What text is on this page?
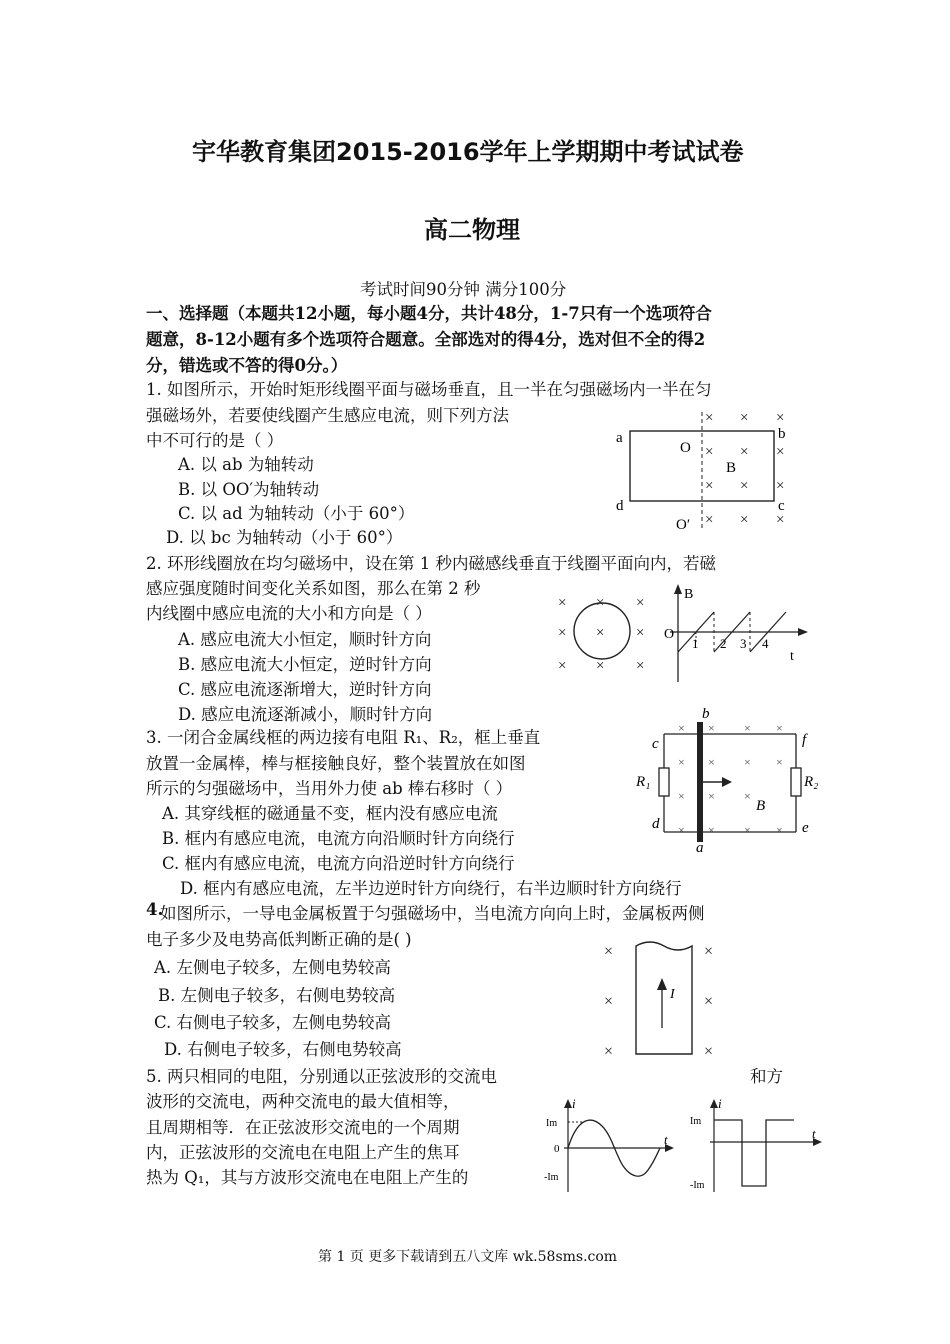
宇华教育集团2015-2016学年上学期期中考试试卷
高二物理
考试时间90分钟 满分100分
一、选择题（本题共12小题，每小题4分，共计48分，1-7只有一个选项符合
题意，8-12小题有多个选项符合题意。全部选对的得4分，选对但不全的得2
分，错选或不答的得0分。）
1. 如图所示，开始时矩形线圈平面与磁场垂直，且一半在匀强磁场内一半在匀
强磁场外，若要使线圈产生感应电流，则下列方法
中不可行的是（ ）
A. 以 ab 为轴转动
B. 以 OO′为轴转动
C. 以 ad 为轴转动（小于 60°）
D. 以 bc 为轴转动（小于 60°）
a	b
c
d
O
O′
B
× × ×
× × ×
× × ×
× × ×
2. 环形线圈放在均匀磁场中，设在第 1 秒内磁感线垂直于线圈平面向内，若磁
感应强度随时间变化关系如图，那么在第 2 秒
内线圈中感应电流的大小和方向是（ ）
A. 感应电流大小恒定，顺时针方向
B. 感应电流大小恒定，逆时针方向
C. 感应电流逐渐增大，逆时针方向
D. 感应电流逐渐减小，顺时针方向
× × ×
× × ×
× × ×
B
O
t
1 2 3 4
3. 一闭合金属线框的两边接有电阻 R₁、R₂，框上垂直
放置一金属棒，棒与框接触良好，整个装置放在如图
所示的匀强磁场中，当用外力使 ab 棒右移时（ ）
A. 其穿线框的磁通量不变，框内没有感应电流
B. 框内有感应电流，电流方向沿顺时针方向绕行
C. 框内有感应电流，电流方向沿逆时针方向绕行
D. 框内有感应电流，左半边逆时针方向绕行，右半边顺时针方向绕行
b
a
c
d
f
e
R₁	R₂
B
× × × ×
× × × ×
× × ×
× × × ×
4.
如图所示，一导电金属板置于匀强磁场中，当电流方向向上时，金属板两侧
电子多少及电势高低判断正确的是( )
A. 左侧电子较多，左侧电势较高
B. 左侧电子较多，右侧电势较高
C. 右侧电子较多，左侧电势较高
D. 右侧电子较多，右侧电势较高
I
×	×
×	×
×	×
5. 两只相同的电阻，分别通以正弦波形的交流电	和方
波形的交流电，两种交流电的最大值相等，
且周期相等．在正弦波形交流电的一个周期
内，正弦波形的交流电在电阻上产生的焦耳
热为 Q₁，其与方波形交流电在电阻上产生的
i
t
Im
0
-Im
i
t
Im
-Im
第 1 页 更多下载请到五八文库 wk.58sms.com
